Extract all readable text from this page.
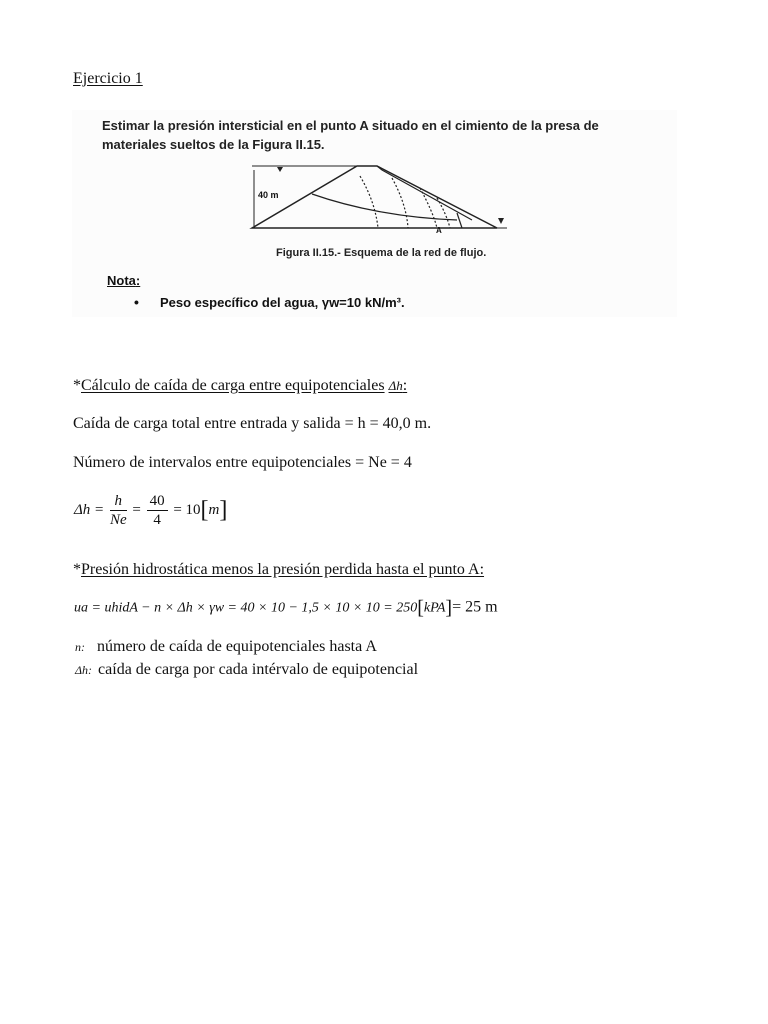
Ejercicio 1
Estimar la presión intersticial en el punto A situado en el cimiento de la presa de
materiales sueltos de la Figura II.15.
40 m
A
Figura II.15.- Esquema de la red de flujo.
Nota:
• Peso específico del agua, γw=10 kN/m³.
*Cálculo de caída de carga entre equipotenciales Δh:
Caída de carga total entre entrada y salida = h = 40,0 m.
Número de intervalos entre equipotenciales = Ne = 4
$\Delta h = \frac{h}{Ne} = \frac{40}{4} = 10[m]$
*Presión hidrostática menos la presión perdida hasta el punto A:
ua = uhidA − n × Δh × γw = 40 × 10 − 1,5 × 10 × 10 = 250[kPA]= 25 m
n: número de caída de equipotenciales hasta A
Δh: caída de carga por cada intérvalo de equipotencial
